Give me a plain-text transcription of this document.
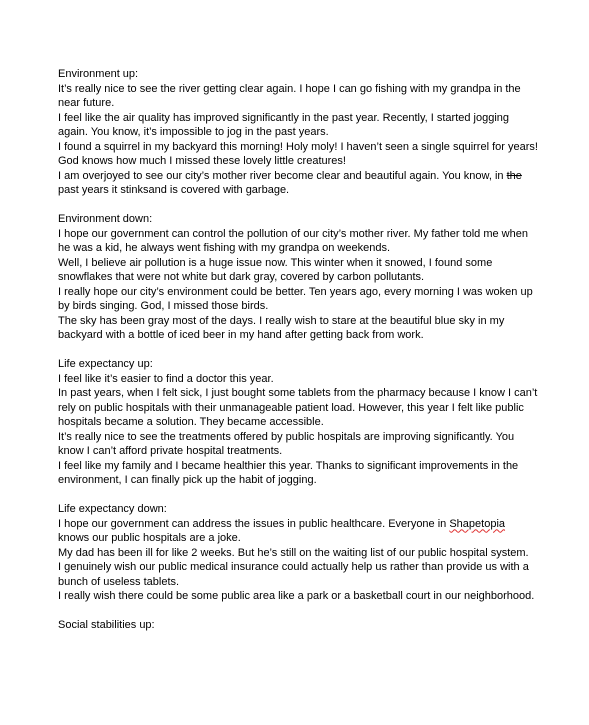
Environment up:

It’s really nice to see the river getting clear again. I hope I can go fishing with my grandpa in the near future.

I feel like the air quality has improved significantly in the past year. Recently, I started jogging again. You know, it’s impossible to jog in the past years.

I found a squirrel in my backyard this morning! Holy moly! I haven’t seen a single squirrel for years! God knows how much I missed these lovely little creatures!

I am overjoyed to see our city’s mother river become clear and beautiful again. You know, in the past years it stinksand is covered with garbage.

Environment down:

I hope our government can control the pollution of our city’s mother river. My father told me when he was a kid, he always went fishing with my grandpa on weekends.

Well, I believe air pollution is a huge issue now. This winter when it snowed, I found some snowflakes that were not white but dark gray, covered by carbon pollutants.

I really hope our city’s environment could be better. Ten years ago, every morning I was woken up by birds singing. God, I missed those birds.

The sky has been gray most of the days. I really wish to stare at the beautiful blue sky in my backyard with a bottle of iced beer in my hand after getting back from work.

Life expectancy up:

I feel like it’s easier to find a doctor this year.

In past years, when I felt sick, I just bought some tablets from the pharmacy because I know I can’t rely on public hospitals with their unmanageable patient load. However, this year I felt like public hospitals became a solution. They became accessible.

It’s really nice to see the treatments offered by public hospitals are improving significantly. You know I can’t afford private hospital treatments.

I feel like my family and I became healthier this year. Thanks to significant improvements in the environment, I can finally pick up the habit of jogging.

Life expectancy down:

I hope our government can address the issues in public healthcare. Everyone in Shapetopia knows our public hospitals are a joke.

My dad has been ill for like 2 weeks. But he’s still on the waiting list of our public hospital system.

I genuinely wish our public medical insurance could actually help us rather than provide us with a bunch of useless tablets.

I really wish there could be some public area like a park or a basketball court in our neighborhood.

Social stabilities up:
